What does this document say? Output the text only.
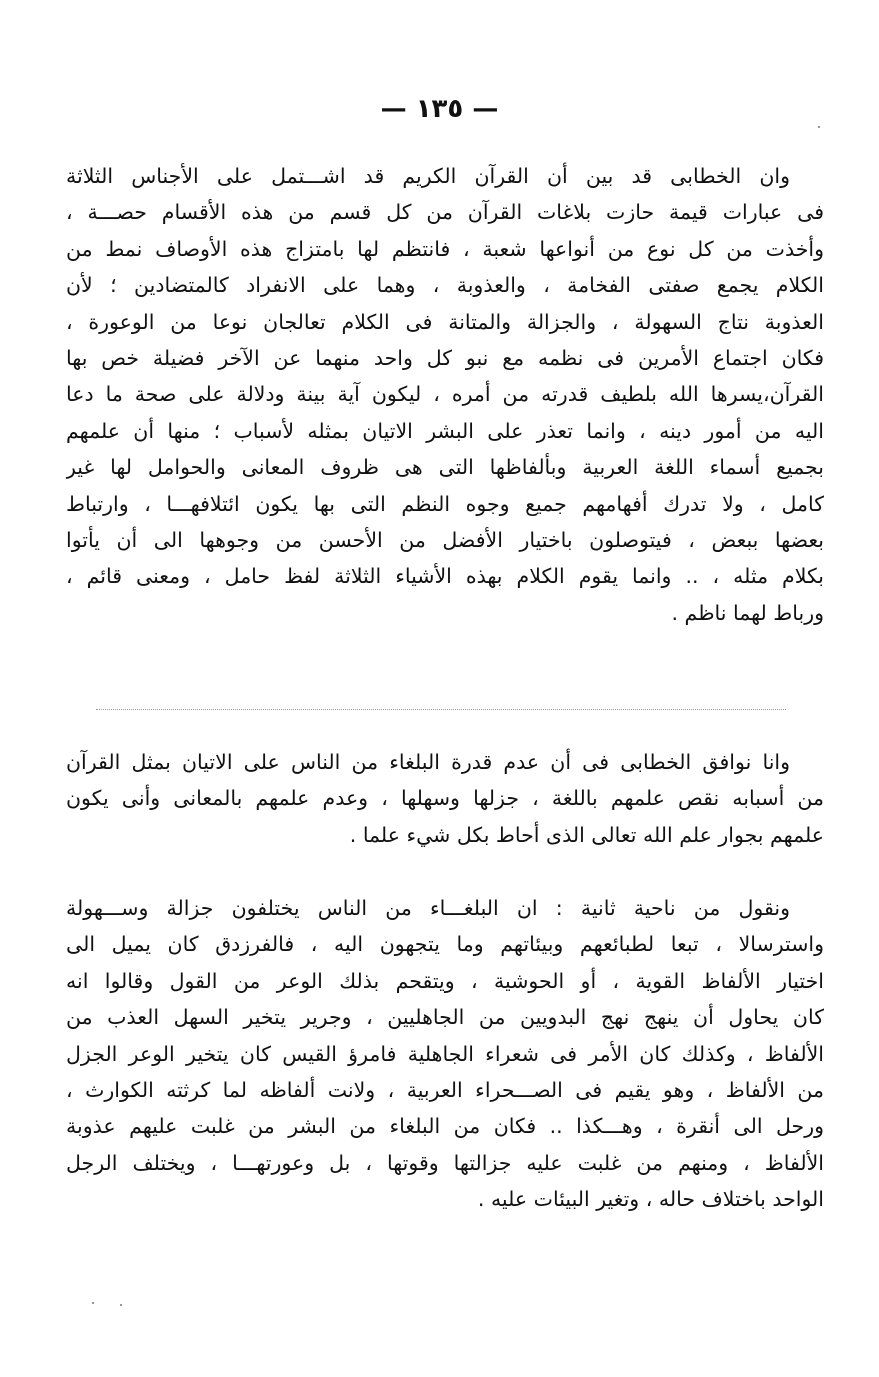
— ١٣٥ —
وان الخطابى قد بين أن القرآن الكريم قد اشـــتمل على الأجناس الثلاثة
فى عبارات قيمة حازت بلاغات القرآن من كل قسم من هذه الأقسام حصـــة ،
وأخذت من كل نوع من أنواعها شعبة ، فانتظم لها بامتزاج هذه الأوصاف نمط من
الكلام يجمع صفتى الفخامة ، والعذوبة ، وهما على الانفراد كالمتضادين ؛ لأن
العذوبة نتاج السهولة ، والجزالة والمتانة فى الكلام تعالجان نوعا من الوعورة ،
فكان اجتماع الأمرين فى نظمه مع نبو كل واحد منهما عن الآخر فضيلة خص بها
القرآن،يسرها الله بلطيف قدرته من أمره ، ليكون آية بينة ودلالة على صحة ما دعا
اليه من أمور دينه ، وانما تعذر على البشر الاتيان بمثله لأسباب ؛ منها أن علمهم
بجميع أسماء اللغة العربية وبألفاظها التى هى ظروف المعانى والحوامل لها غير
كامل ، ولا تدرك أفهامهم جميع وجوه النظم التى بها يكون ائتلافهـــا ، وارتباط
بعضها ببعض ، فيتوصلون باختيار الأفضل من الأحسن من وجوهها الى أن يأتوا
بكلام مثله ، .. وانما يقوم الكلام بهذه الأشياء الثلاثة لفظ حامل ، ومعنى قائم ،
ورباط لهما ناظم .
وانا نوافق الخطابى فى أن عدم قدرة البلغاء من الناس على الاتيان بمثل القرآن
من أسبابه نقص علمهم باللغة ، جزلها وسهلها ، وعدم علمهم بالمعانى وأنى يكون
علمهم بجوار علم الله تعالى الذى أحاط بكل شيء علما .
ونقول من ناحية ثانية : ان البلغـــاء من الناس يختلفون جزالة وســـهولة
واسترسالا ، تبعا لطبائعهم وبيئاتهم وما يتجهون اليه ، فالفرزدق كان يميل الى
اختيار الألفاظ القوية ، أو الحوشية ، ويتقحم بذلك الوعر من القول وقالوا انه
كان يحاول أن ينهج نهج البدويين من الجاهليين ، وجرير يتخير السهل العذب من
الألفاظ ، وكذلك كان الأمر فى شعراء الجاهلية فامرؤ القيس كان يتخير الوعر الجزل
من الألفاظ ، وهو يقيم فى الصـــحراء العربية ، ولانت ألفاظه لما كرثته الكوارث ،
ورحل الى أنقرة ، وهـــكذا .. فكان من البلغاء من البشر من غلبت عليهم عذوبة
الألفاظ ، ومنهم من غلبت عليه جزالتها وقوتها ، بل وعورتهـــا ، ويختلف الرجل
الواحد باختلاف حاله ، وتغير البيئات عليه .
